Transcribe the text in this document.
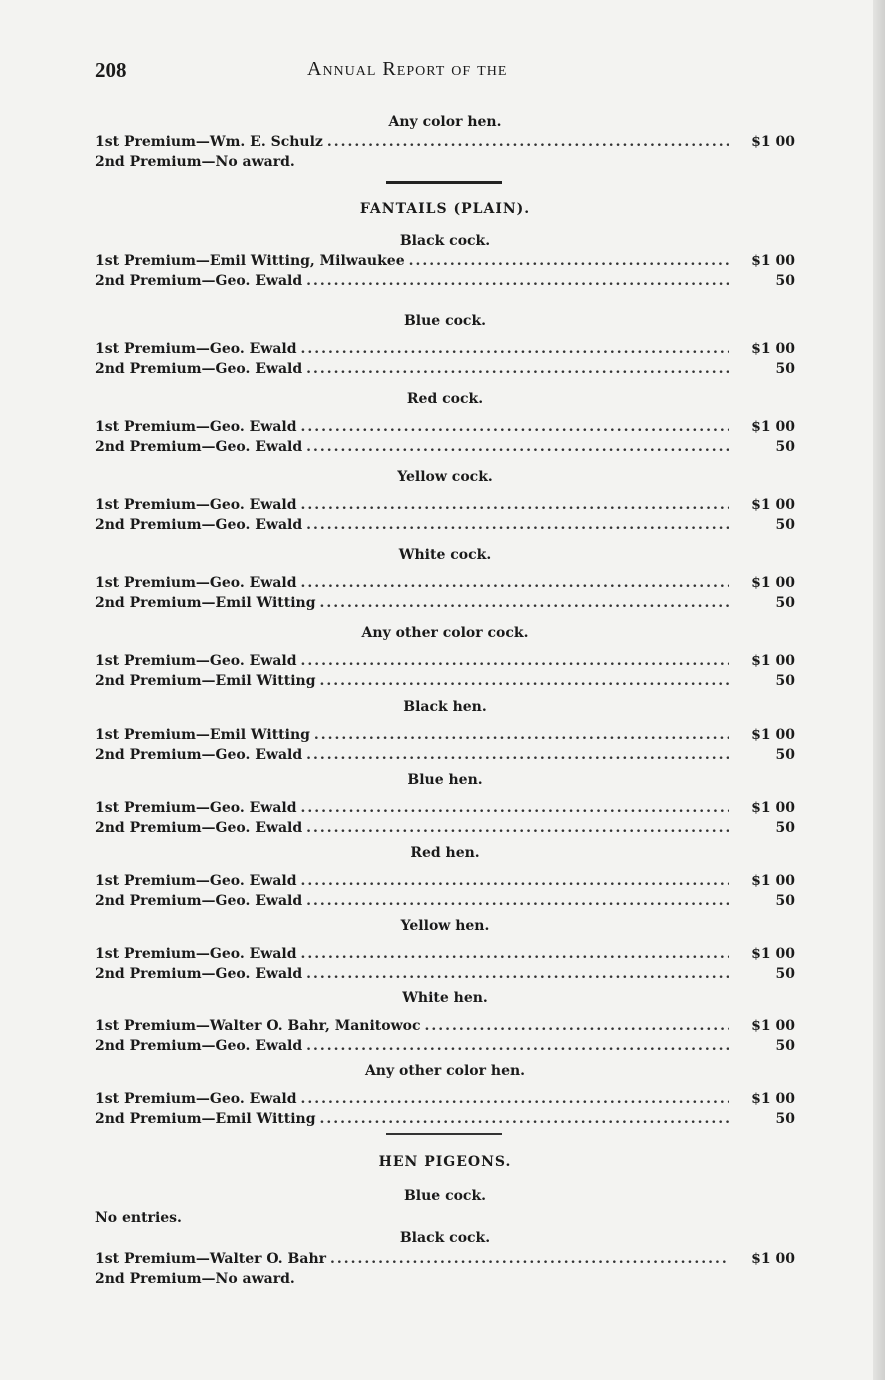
208	Annual Report of the
Any color hen.
1st Premium—Wm. E. Schulz .....	$1 00
2nd Premium—No award.
FANTAILS (PLAIN).
Black cock.
1st Premium—Emil Witting, Milwaukee .....	$1 00
2nd Premium—Geo. Ewald .....	50
Blue cock.
1st Premium—Geo. Ewald .....	$1 00
2nd Premium—Geo. Ewald .....	50
Red cock.
1st Premium—Geo. Ewald .....	$1 00
2nd Premium—Geo. Ewald .....	50
Yellow cock.
1st Premium—Geo. Ewald .....	$1 00
2nd Premium—Geo. Ewald .....	50
White cock.
1st Premium—Geo. Ewald .....	$1 00
2nd Premium—Emil Witting .....	50
Any other color cock.
1st Premium—Geo. Ewald .....	$1 00
2nd Premium—Emil Witting .....	50
Black hen.
1st Premium—Emil Witting .....	$1 00
2nd Premium—Geo. Ewald .....	50
Blue hen.
1st Premium—Geo. Ewald .....	$1 00
2nd Premium—Geo. Ewald .....	50
Red hen.
1st Premium—Geo. Ewald .....	$1 00
2nd Premium—Geo. Ewald .....	50
Yellow hen.
1st Premium—Geo. Ewald .....	$1 00
2nd Premium—Geo. Ewald .....	50
White hen.
1st Premium—Walter O. Bahr, Manitowoc .....	$1 00
2nd Premium—Geo. Ewald .....	50
Any other color hen.
1st Premium—Geo. Ewald .....	$1 00
2nd Premium—Emil Witting .....	50
HEN PIGEONS.
Blue cock.
No entries.
Black cock.
1st Premium—Walter O. Bahr .....	$1 00
2nd Premium—No award.
